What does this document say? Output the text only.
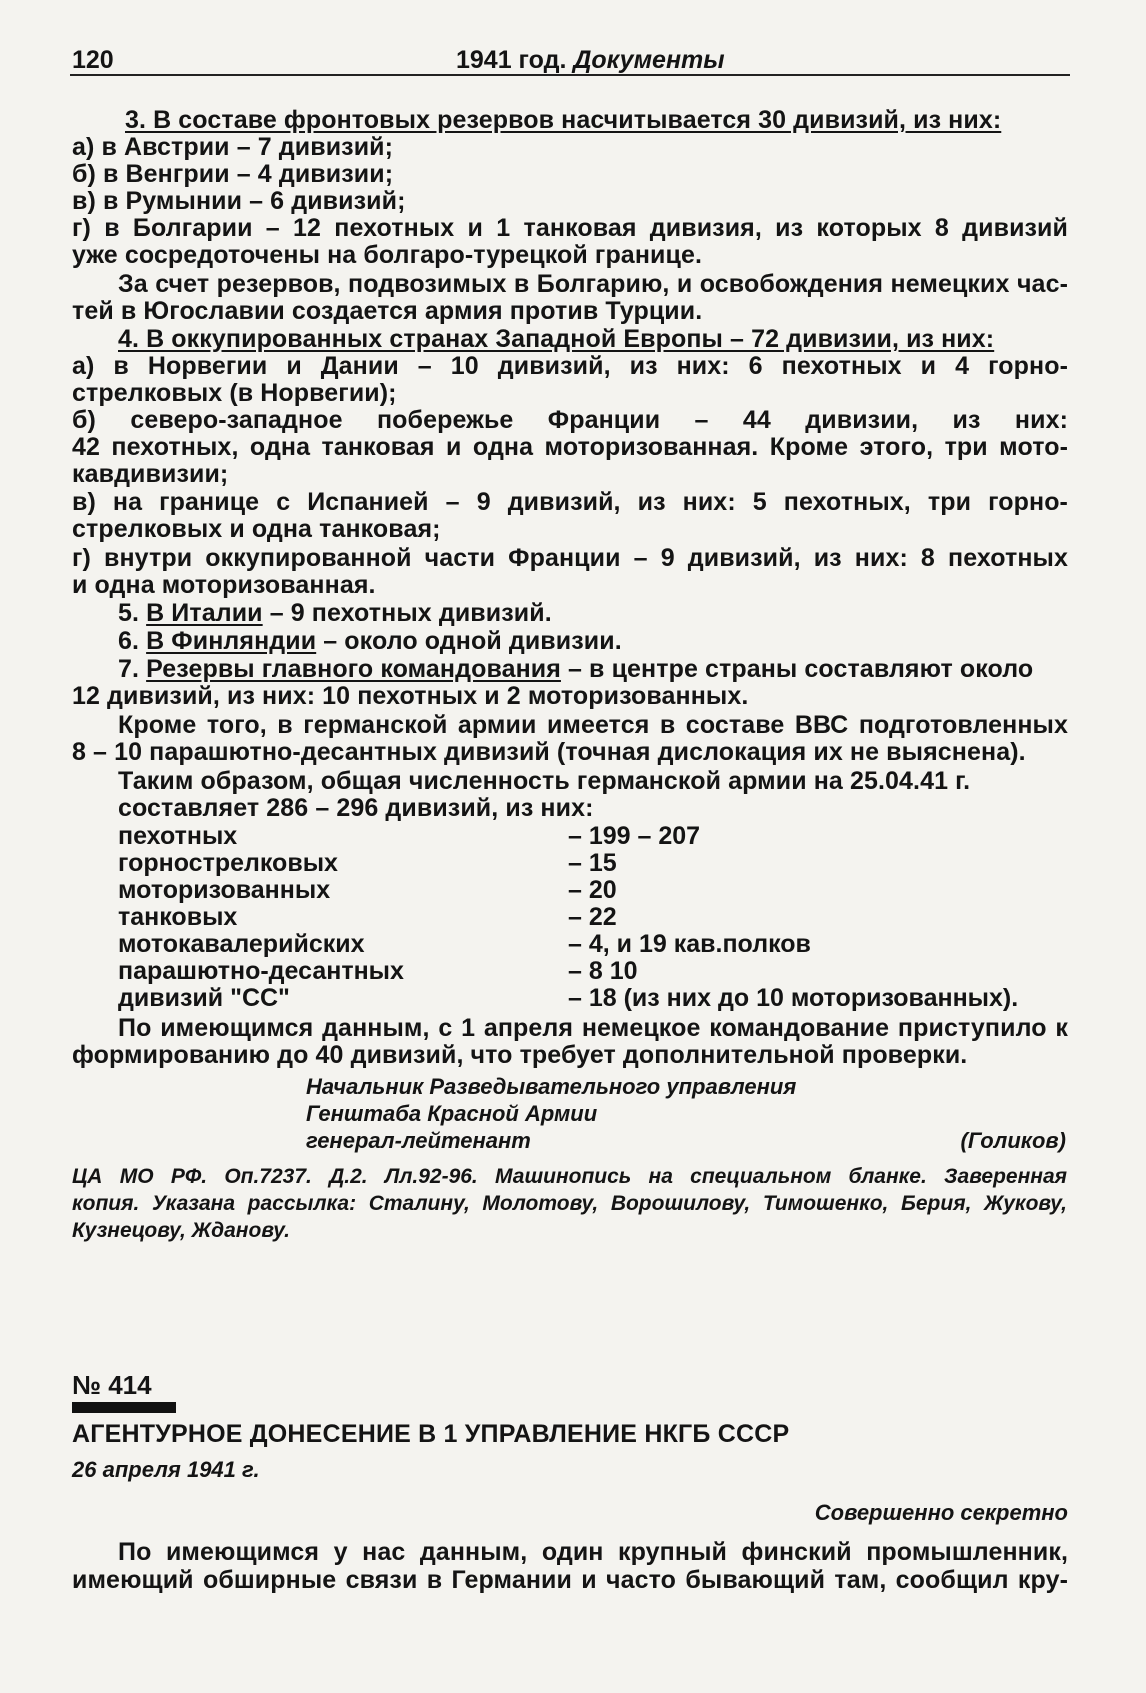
120	1941 год. Документы
3. В составе фронтовых резервов насчитывается 30 дивизий, из них:
а) в Австрии – 7 дивизий;
б) в Венгрии – 4 дивизии;
в) в Румынии – 6 дивизий;
г) в Болгарии – 12 пехотных и 1 танковая дивизия, из которых 8 дивизий
уже сосредоточены на болгаро-турецкой границе.
За счет резервов, подвозимых в Болгарию, и освобождения немецких час-
тей в Югославии создается армия против Турции.
4. В оккупированных странах Западной Европы – 72 дивизии, из них:
а) в Норвегии и Дании – 10 дивизий, из них: 6 пехотных и 4 горно-
стрелковых (в Норвегии);
б) северо-западное побережье Франции – 44 дивизии, из них:
42 пехотных, одна танковая и одна моторизованная. Кроме этого, три мото-
кавдивизии;
в) на границе с Испанией – 9 дивизий, из них: 5 пехотных, три горно-
стрелковых и одна танковая;
г) внутри оккупированной части Франции – 9 дивизий, из них: 8 пехотных
и одна моторизованная.
5. В Италии – 9 пехотных дивизий.
6. В Финляндии – около одной дивизии.
7. Резервы главного командования – в центре страны составляют около
12 дивизий, из них: 10 пехотных и 2 моторизованных.
Кроме того, в германской армии имеется в составе ВВС подготовленных
8 – 10 парашютно-десантных дивизий (точная дислокация их не выяснена).
Таким образом, общая численность германской армии на 25.04.41 г.
составляет 286 – 296 дивизий, из них:
пехотных	– 199 – 207
горнострелковых	– 15
моторизованных	– 20
танковых	– 22
мотокавалерийских	– 4, и 19 кав.полков
парашютно-десантных	– 8 10
дивизий "СС"	– 18 (из них до 10 моторизованных).
По имеющимся данным, с 1 апреля немецкое командование приступило к
формированию до 40 дивизий, что требует дополнительной проверки.
Начальник Разведывательного управления
Генштаба Красной Армии
генерал-лейтенант	(Голиков)
ЦА МО РФ. Оп.7237. Д.2. Лл.92-96. Машинопись на специальном бланке. Заверенная
копия. Указана рассылка: Сталину, Молотову, Ворошилову, Тимошенко, Берия, Жукову,
Кузнецову, Жданову.
№ 414
АГЕНТУРНОЕ ДОНЕСЕНИЕ В 1 УПРАВЛЕНИЕ НКГБ СССР
26 апреля 1941 г.
Совершенно секретно
По имеющимся у нас данным, один крупный финский промышленник,
имеющий обширные связи в Германии и часто бывающий там, сообщил кру-
